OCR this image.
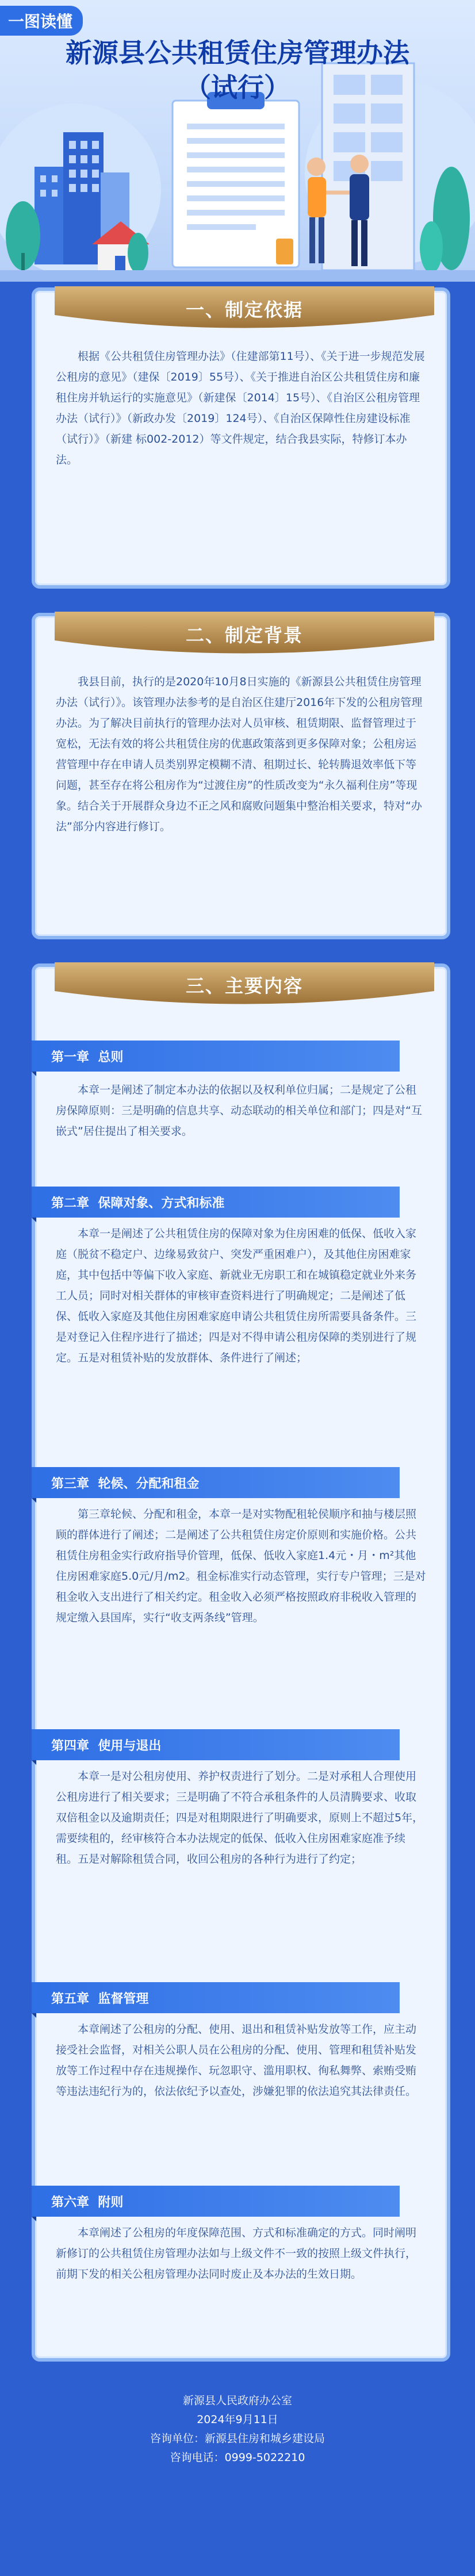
一图读懂
新源县公共租赁住房管理办法
（试行）
一、制定依据

根据《公共租赁住房管理办法》（住建部第11号）、《关于进一步规范发展公租房的意见》（建保〔2019〕55号）、《关于推进自治区公共租赁住房和廉租住房并轨运行的实施意见》（新建保〔2014〕15号）、《自治区公租房管理办法（试行）》（新政办发〔2019〕124号）、《自治区保障性住房建设标准（试行）》（新建 标002-2012）等文件规定，结合我县实际，特修订本办法。

二、制定背景

我县目前，执行的是2020年10月8日实施的《新源县公共租赁住房管理办法（试行）》。该管理办法参考的是自治区住建厅2016年下发的公租房管理办法。为了解决目前执行的管理办法对人员审核、租赁期限、监督管理过于宽松，无法有效的将公共租赁住房的优惠政策落到更多保障对象；公租房运营管理中存在申请人员类别界定模糊不清、租期过长、轮转腾退效率低下等问题，甚至存在将公租房作为“过渡住房”的性质改变为“永久福利住房”等现象。结合关于开展群众身边不正之风和腐败问题集中整治相关要求，特对“办法”部分内容进行修订。

三、主要内容
第一章  总则

本章一是阐述了制定本办法的依据以及权利单位归属；二是规定了公租房保障原则：三是明确的信息共享、动态联动的相关单位和部门；四是对“互嵌式”居住提出了相关要求。

第二章  保障对象、方式和标准

本章一是阐述了公共租赁住房的保障对象为住房困难的低保、低收入家庭（脱贫不稳定户、边缘易致贫户、突发严重困难户），及其他住房困难家庭，其中包括中等偏下收入家庭、新就业无房职工和在城镇稳定就业外来务工人员；同时对相关群体的审核审查资料进行了明确规定；二是阐述了低保、低收入家庭及其他住房困难家庭申请公共租赁住房所需要具备条件。三是对登记入住程序进行了描述；四是对不得申请公租房保障的类别进行了规定。五是对租赁补贴的发放群体、条件进行了阐述；

第三章  轮候、分配和租金

第三章轮候、分配和租金，本章一是对实物配租轮侯顺序和抽与楼层照顾的群体进行了阐述；二是阐述了公共租赁住房定价原则和实施价格。公共租赁住房租金实行政府指导价管理，低保、低收入家庭1.4元・月・m²其他住房困难家庭5.0元/月/m2。租金标准实行动态管理，实行专户管理；三是对租金收入支出进行了相关约定。租金收入必须严格按照政府非税收入管理的规定缴入县国库，实行“收支两条线”管理。

第四章  使用与退出

本章一是对公租房使用、养护权责进行了划分。二是对承租人合理使用公租房进行了相关要求；三是明确了不符合承租条件的人员清腾要求、收取双倍租金以及逾期责任；四是对租期限进行了明确要求，原则上不超过5年，需要续租的，经审核符合本办法规定的低保、低收入住房困难家庭准予续租。五是对解除租赁合同，收回公租房的各种行为进行了约定；

第五章  监督管理

本章阐述了公租房的分配、使用、退出和租赁补贴发放等工作，应主动接受社会监督，对相关公职人员在公租房的分配、使用、管理和租赁补贴发放等工作过程中存在违规操作、玩忽职守、滥用职权、徇私舞弊、索贿受贿等违法违纪行为的，依法依纪予以查处，涉嫌犯罪的依法追究其法律责任。

第六章  附则

本章阐述了公租房的年度保障范围、方式和标准确定的方式。同时阐明新修订的公共租赁住房管理办法如与上级文件不一致的按照上级文件执行，前期下发的相关公租房管理办法同时废止及本办法的生效日期。

新源县人民政府办公室
2024年9月11日
咨询单位：新源县住房和城乡建设局
咨询电话：0999-5022210
